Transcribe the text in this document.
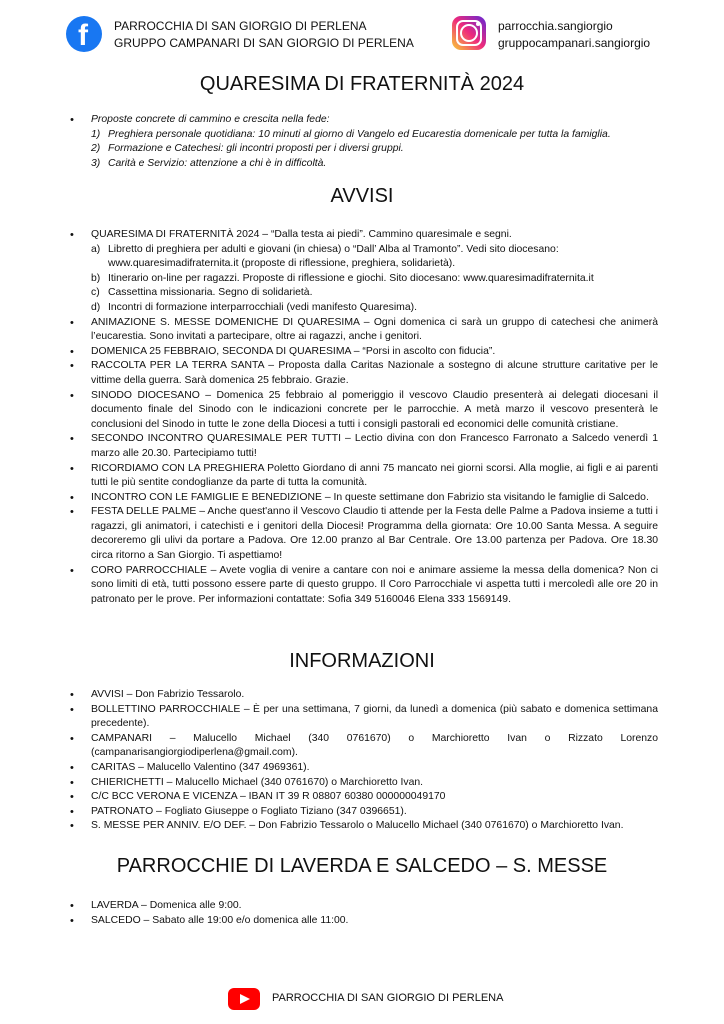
f PARROCCHIA DI SAN GIORGIO DI PERLENA
GRUPPO CAMPANARI DI SAN GIORGIO DI PERLENA
parrocchia.sangiorgio
gruppocampanari.sangiorgio
QUARESIMA DI FRATERNITÀ 2024
• Proposte concrete di cammino e crescita nella fede:
1) Preghiera personale quotidiana: 10 minuti al giorno di Vangelo ed Eucarestia domenicale per tutta la famiglia.
2) Formazione e Catechesi: gli incontri proposti per i diversi gruppi.
3) Carità e Servizio: attenzione a chi è in difficoltà.
AVVISI
• QUARESIMA DI FRATERNITÀ 2024 – “Dalla testa ai piedi”. Cammino quaresimale e segni.
a) Libretto di preghiera per adulti e giovani (in chiesa) o “Dall’ Alba al Tramonto”. Vedi sito diocesano: www.quaresimadifraternita.it (proposte di riflessione, preghiera, solidarietà).
b) Itinerario on-line per ragazzi. Proposte di riflessione e giochi. Sito diocesano: www.quaresimadifraternita.it
c) Cassettina missionaria. Segno di solidarietà.
d) Incontri di formazione interparrocchiali (vedi manifesto Quaresima).
• ANIMAZIONE S. MESSE DOMENICHE DI QUARESIMA – Ogni domenica ci sarà un gruppo di catechesi che animerà l’eucarestia. Sono invitati a partecipare, oltre ai ragazzi, anche i genitori.
• DOMENICA 25 FEBBRAIO, SECONDA DI QUARESIMA – “Porsi in ascolto con fiducia”.
• RACCOLTA PER LA TERRA SANTA – Proposta dalla Caritas Nazionale a sostegno di alcune strutture caritative per le vittime della guerra. Sarà domenica 25 febbraio. Grazie.
• SINODO DIOCESANO – Domenica 25 febbraio al pomeriggio il vescovo Claudio presenterà ai delegati diocesani il documento finale del Sinodo con le indicazioni concrete per le parrocchie. A metà marzo il vescovo presenterà le conclusioni del Sinodo in tutte le zone della Diocesi a tutti i consigli pastorali ed economici delle comunità cristiane.
• SECONDO INCONTRO QUARESIMALE PER TUTTI – Lectio divina con don Francesco Farronato a Salcedo venerdì 1 marzo alle 20.30. Partecipiamo tutti!
• RICORDIAMO CON LA PREGHIERA Poletto Giordano di anni 75 mancato nei giorni scorsi. Alla moglie, ai figli e ai parenti tutti le più sentite condoglianze da parte di tutta la comunità.
• INCONTRO CON LE FAMIGLIE E BENEDIZIONE – In queste settimane don Fabrizio sta visitando le famiglie di Salcedo.
• FESTA DELLE PALME – Anche quest'anno il Vescovo Claudio ti attende per la Festa delle Palme a Padova insieme a tutti i ragazzi, gli animatori, i catechisti e i genitori della Diocesi! Programma della giornata: Ore 10.00 Santa Messa. A seguire decoreremo gli ulivi da portare a Padova. Ore 12.00 pranzo al Bar Centrale. Ore 13.00 partenza per Padova. Ore 18.30 circa ritorno a San Giorgio. Ti aspettiamo!
• CORO PARROCCHIALE – Avete voglia di venire a cantare con noi e animare assieme la messa della domenica? Non ci sono limiti di età, tutti possono essere parte di questo gruppo. Il Coro Parrocchiale vi aspetta tutti i mercoledì alle ore 20 in patronato per le prove. Per informazioni contattate: Sofia 349 5160046 Elena 333 1569149.
INFORMAZIONI
• AVVISI – Don Fabrizio Tessarolo.
• BOLLETTINO PARROCCHIALE – È per una settimana, 7 giorni, da lunedì a domenica (più sabato e domenica settimana precedente).
• CAMPANARI – Malucello Michael (340 0761670) o Marchioretto Ivan o Rizzato Lorenzo (campanarisangiorgiodiperlena@gmail.com).
• CARITAS – Malucello Valentino (347 4969361).
• CHIERICHETTI – Malucello Michael (340 0761670) o Marchioretto Ivan.
• C/C BCC VERONA E VICENZA – IBAN IT 39 R 08807 60380 000000049170
• PATRONATO – Fogliato Giuseppe o Fogliato Tiziano (347 0396651).
• S. MESSE PER ANNIV. E/O DEF. – Don Fabrizio Tessarolo o Malucello Michael (340 0761670) o Marchioretto Ivan.
PARROCCHIE DI LAVERDA E SALCEDO – S. MESSE
• LAVERDA – Domenica alle 9:00.
• SALCEDO – Sabato alle 19:00 e/o domenica alle 11:00.
PARROCCHIA DI SAN GIORGIO DI PERLENA
